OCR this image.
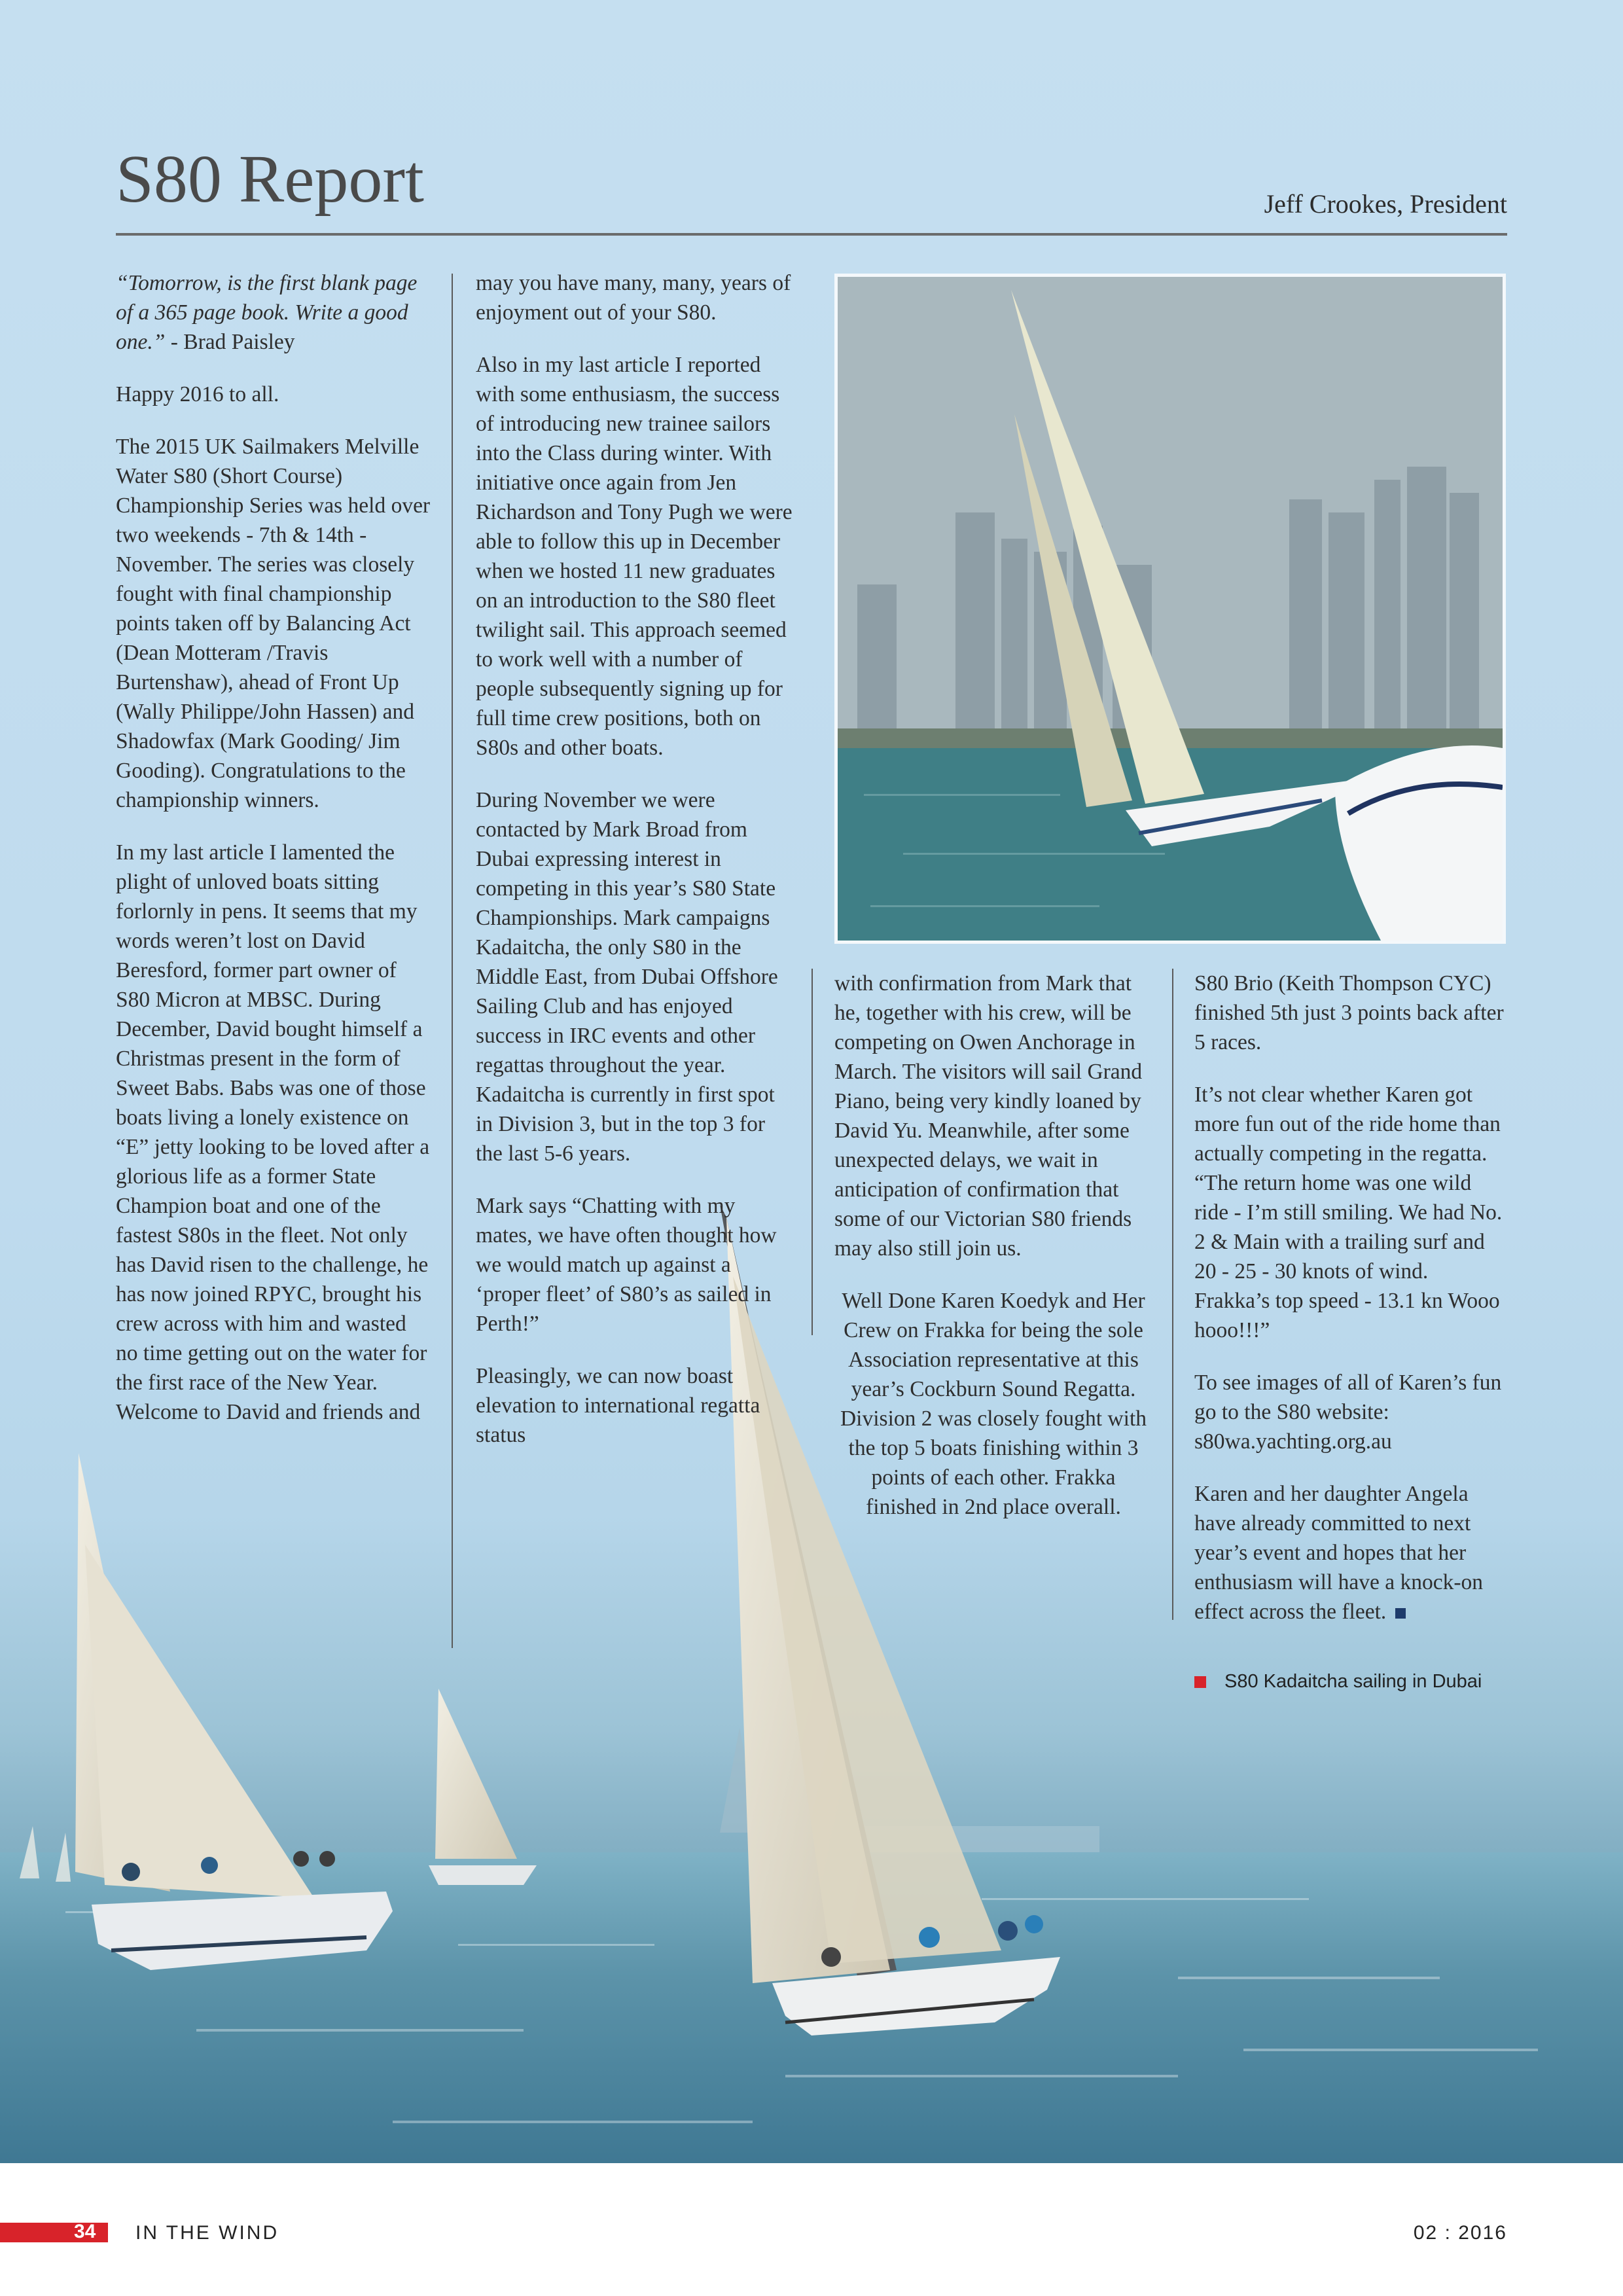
S80 Report	Jeff Crookes, President

“Tomorrow, is the first blank page of a 365 page book. Write a good one.” - Brad Paisley

Happy 2016 to all.

The 2015 UK Sailmakers Melville Water S80 (Short Course) Championship Series was held over two weekends - 7th & 14th - November. The series was closely fought with final championship points taken off by Balancing Act (Dean Motteram /Travis Burtenshaw), ahead of Front Up (Wally Philippe/John Hassen) and Shadowfax (Mark Gooding/ Jim Gooding). Congratulations to the championship winners.

In my last article I lamented the plight of unloved boats sitting forlornly in pens. It seems that my words weren’t lost on David Beresford, former part owner of S80 Micron at MBSC. During December, David bought himself a Christmas present in the form of Sweet Babs. Babs was one of those boats living a lonely existence on “E” jetty looking to be loved after a glorious life as a former State Champion boat and one of the fastest S80s in the fleet. Not only has David risen to the challenge, he has now joined RPYC, brought his crew across with him and wasted no time getting out on the water for the first race of the New Year. Welcome to David and friends and

may you have many, many, years of enjoyment out of your S80.

Also in my last article I reported with some enthusiasm, the success of introducing new trainee sailors into the Class during winter. With initiative once again from Jen Richardson and Tony Pugh we were able to follow this up in December when we hosted 11 new graduates on an introduction to the S80 fleet twilight sail. This approach seemed to work well with a number of people subsequently signing up for full time crew positions, both on S80s and other boats.

During November we were contacted by Mark Broad from Dubai expressing interest in competing in this year’s S80 State Championships. Mark campaigns Kadaitcha, the only S80 in the Middle East, from Dubai Offshore Sailing Club and has enjoyed success in IRC events and other regattas throughout the year. Kadaitcha is currently in first spot in Division 3, but in the top 3 for the last 5-6 years.

Mark says “Chatting with my mates, we have often thought how we would match up against a ‘proper fleet’ of S80’s as sailed in Perth!”

Pleasingly, we can now boast elevation to international regatta status

with confirmation from Mark that he, together with his crew, will be competing on Owen Anchorage in March. The visitors will sail Grand Piano, being very kindly loaned by David Yu. Meanwhile, after some unexpected delays, we wait in anticipation of confirmation that some of our Victorian S80 friends may also still join us.

Well Done Karen Koedyk and Her Crew on Frakka for being the sole Association representative at this year’s Cockburn Sound Regatta. Division 2 was closely fought with the top 5 boats finishing within 3 points of each other. Frakka finished in 2nd place overall.

S80 Brio (Keith Thompson CYC) finished 5th just 3 points back after 5 races.

It’s not clear whether Karen got more fun out of the ride home than actually competing in the regatta. “The return home was one wild ride - I’m still smiling. We had No. 2 & Main with a trailing surf and 20 - 25 - 30 knots of wind. Frakka’s top speed - 13.1 kn Wooo hooo!!!”

To see images of all of Karen’s fun go to the S80 website: s80wa.yachting.org.au

Karen and her daughter Angela have already committed to next year’s event and hopes that her enthusiasm will have a knock-on effect across the fleet.

S80 Kadaitcha sailing in Dubai
34 IN THE WIND	02 : 2016
